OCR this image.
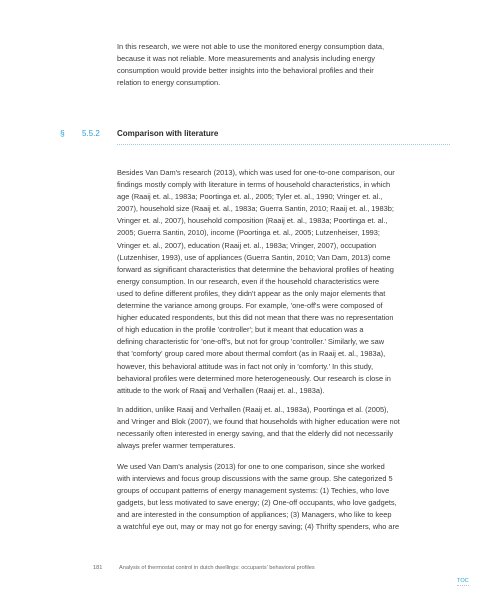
In this research, we were not able to use the monitored energy consumption data,
because it was not reliable. More measurements and analysis including energy
consumption would provide better insights into the behavioral profiles and their
relation to energy consumption.

§ 5.5.2 Comparison with literature

Besides Van Dam's research (2013), which was used for one-to-one comparison, our
findings mostly comply with literature in terms of household characteristics, in which
age (Raaij et. al., 1983a; Poortinga et. al., 2005; Tyler et. al., 1990; Vringer et. al.,
2007), household size (Raaij et. al., 1983a; Guerra Santin, 2010; Raaij et. al., 1983b;
Vringer et. al., 2007), household composition (Raaij et. al., 1983a; Poortinga et. al.,
2005; Guerra Santin, 2010), income (Poortinga et. al., 2005; Lutzenheiser, 1993;
Vringer et. al., 2007), education (Raaij et. al., 1983a; Vringer, 2007), occupation
(Lutzenhiser, 1993), use of appliances (Guerra Santin, 2010; Van Dam, 2013) come
forward as significant characteristics that determine the behavioral profiles of heating
energy consumption. In our research, even if the household characteristics were
used to define different profiles, they didn't appear as the only major elements that
determine the variance among groups. For example, 'one-off's were composed of
higher educated respondents, but this did not mean that there was no representation
of high education in the profile 'controller'; but it meant that education was a
defining characteristic for 'one-off's, but not for group 'controller.' Similarly, we saw
that 'comforty' group cared more about thermal comfort (as in Raaij et. al., 1983a),
however, this behavioral attitude was in fact not only in 'comforty.' In this study,
behavioral profiles were determined more heterogeneously. Our research is close in
attitude to the work of Raaij and Verhallen (Raaij et. al., 1983a).

In addition, unlike Raaij and Verhallen (Raaij et. al., 1983a), Poortinga et al. (2005),
and Vringer and Blok (2007), we found that households with higher education were not
necessarily often interested in energy saving, and that the elderly did not necessarily
always prefer warmer temperatures.

We used Van Dam's analysis (2013) for one to one comparison, since she worked
with interviews and focus group discussions with the same group. She categorized 5
groups of occupant patterns of energy management systems: (1) Techies, who love
gadgets, but less motivated to save energy; (2) One-off occupants, who love gadgets,
and are interested in the consumption of appliances; (3) Managers, who like to keep
a watchful eye out, may or may not go for energy saving; (4) Thrifty spenders, who are

181	Analysis of thermostat control in dutch dwellings: occupants' behavioral profiles
TOC
